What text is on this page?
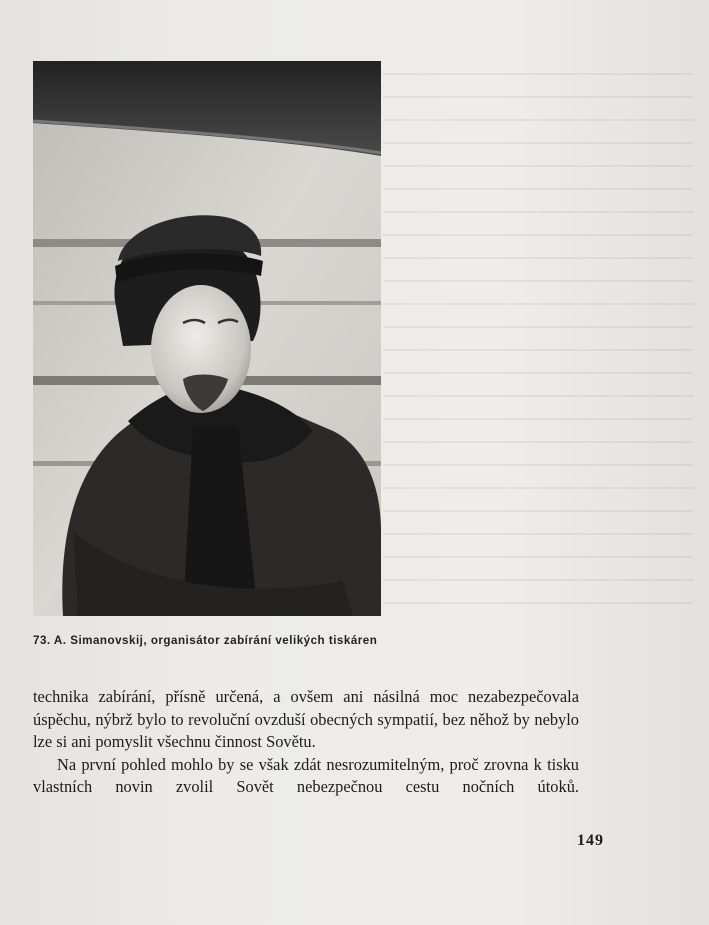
73. A. Simanovskij, organisátor zabírání velikých tiskáren

technika zabírání, přísně určená, a ovšem ani násilná moc nezabezpečovala úspěchu, nýbrž bylo to revoluční ovzduší obecných sympatií, bez něhož by nebylo lze si ani pomyslit všechnu činnost Sovětu.

Na první pohled mohlo by se však zdát nesrozumitelným, proč zrovna k tisku vlastních novin zvolil Sovět nebezpečnou cestu nočních útoků.

149
